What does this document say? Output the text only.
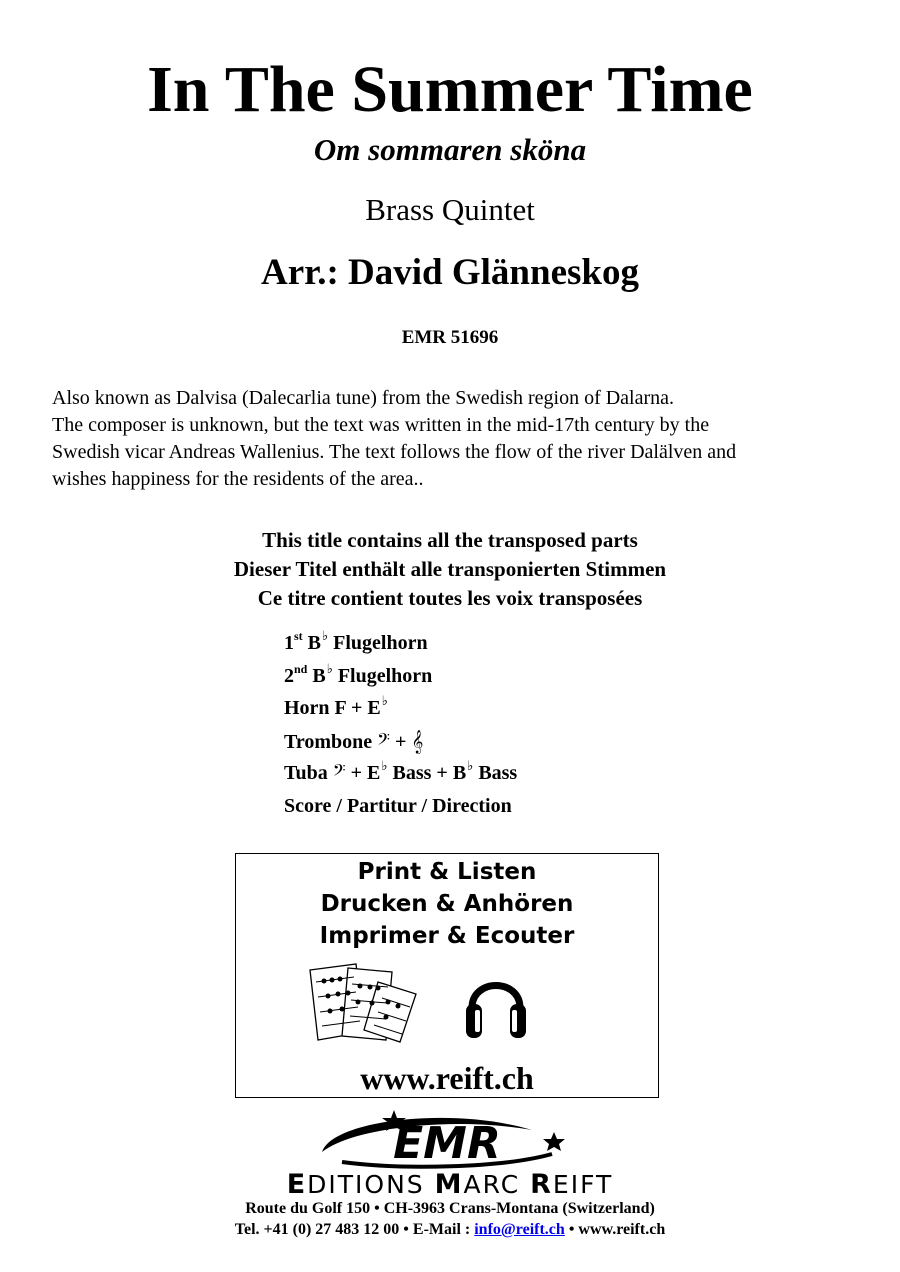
In The Summer Time
Om sommaren sköna
Brass Quintet
Arr.: David Glänneskog
EMR 51696
Also known as Dalvisa (Dalecarlia tune) from the Swedish region of Dalarna.
The composer is unknown, but the text was written in the mid-17th century by the
Swedish vicar Andreas Wallenius. The text follows the flow of the river Dalälven and
wishes happiness for the residents of the area..
This title contains all the transposed parts
Dieser Titel enthält alle transponierten Stimmen
Ce titre contient toutes les voix transposées
1st B♭ Flugelhorn
2nd B♭ Flugelhorn
Horn F + E♭
Trombone 𝄢 + 𝄞
Tuba 𝄢 + E♭ Bass + B♭ Bass
Score / Partitur / Direction
Print & Listen
Drucken & Anhören
Imprimer & Ecouter
www.reift.ch
EMR
EDITIONS MARC REIFT
Route du Golf 150 • CH-3963 Crans-Montana (Switzerland)
Tel. +41 (0) 27 483 12 00 • E-Mail : info@reift.ch • www.reift.ch
